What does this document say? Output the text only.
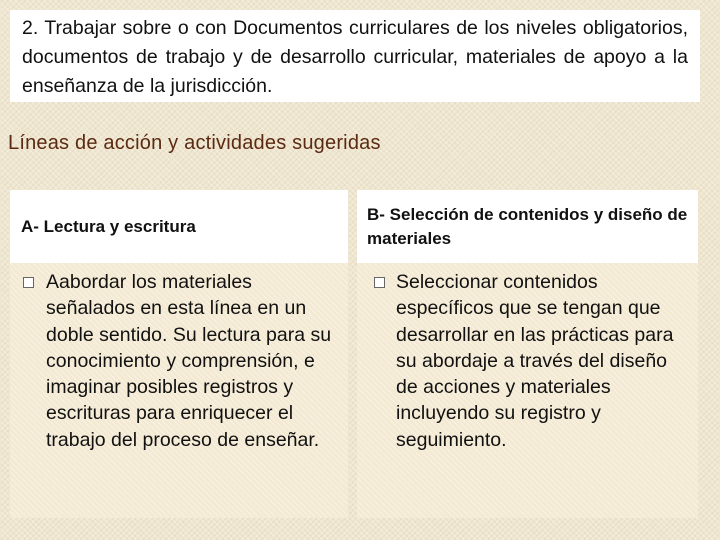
2. Trabajar sobre o con Documentos curriculares de los niveles obligatorios, documentos de trabajo y de desarrollo curricular, materiales de apoyo a la enseñanza de la jurisdicción.
Líneas de acción y actividades sugeridas
A- Lectura y escritura
Aabordar los materiales señalados en esta línea en un doble sentido. Su lectura para su conocimiento y comprensión, e imaginar posibles registros y escrituras para enriquecer el trabajo del proceso de enseñar.
B- Selección de contenidos y diseño de materiales
Seleccionar contenidos específicos que se tengan que desarrollar en las prácticas para su abordaje a través del diseño de acciones y materiales incluyendo su registro y seguimiento.
